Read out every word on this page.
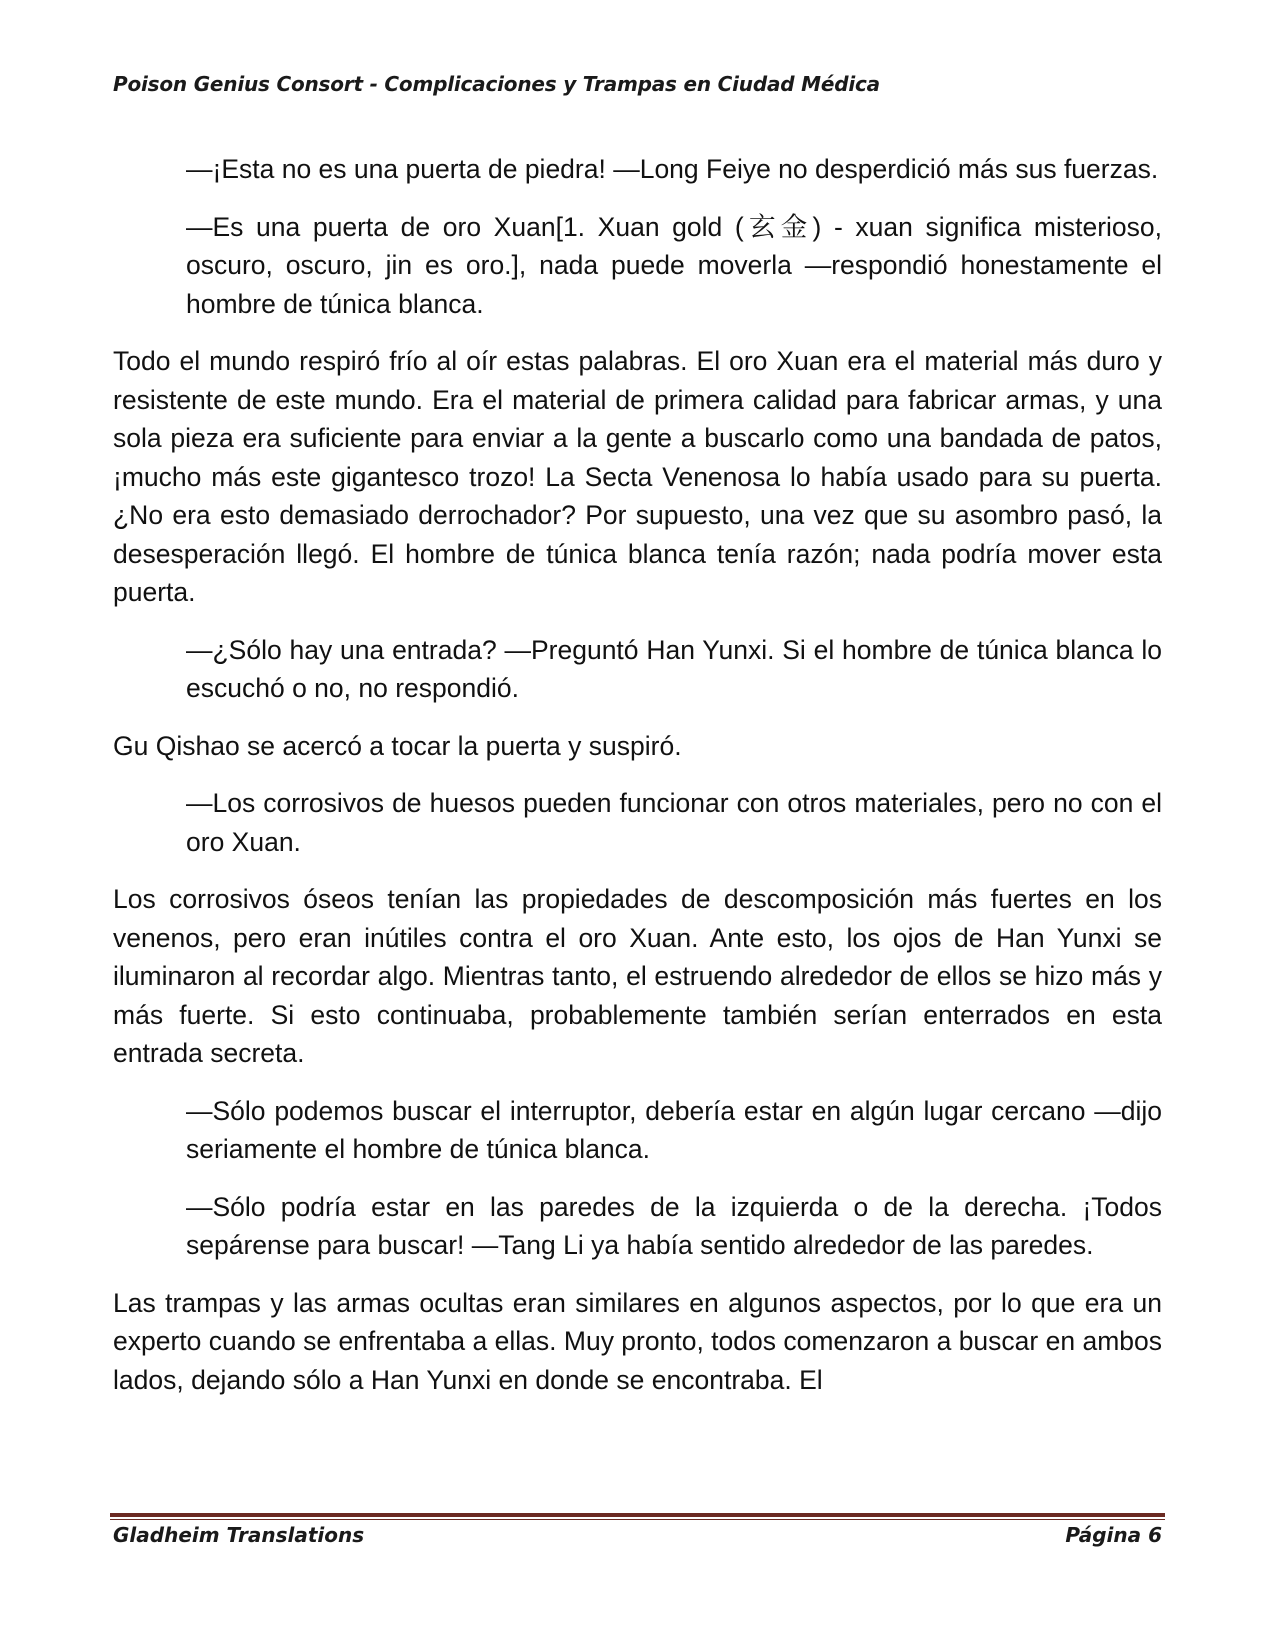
Poison Genius Consort - Complicaciones y Trampas en Ciudad Médica

—¡Esta no es una puerta de piedra! —Long Feiye no desperdició más sus fuerzas.

—Es una puerta de oro Xuan[1. Xuan gold (玄金) - xuan significa misterioso, oscuro, oscuro, jin es oro.], nada puede moverla —respondió honestamente el hombre de túnica blanca.

Todo el mundo respiró frío al oír estas palabras. El oro Xuan era el material más duro y resistente de este mundo. Era el material de primera calidad para fabricar armas, y una sola pieza era suficiente para enviar a la gente a buscarlo como una bandada de patos, ¡mucho más este gigantesco trozo! La Secta Venenosa lo había usado para su puerta. ¿No era esto demasiado derrochador? Por supuesto, una vez que su asombro pasó, la desesperación llegó. El hombre de túnica blanca tenía razón; nada podría mover esta puerta.

—¿Sólo hay una entrada? —Preguntó Han Yunxi. Si el hombre de túnica blanca lo escuchó o no, no respondió.

Gu Qishao se acercó a tocar la puerta y suspiró.

—Los corrosivos de huesos pueden funcionar con otros materiales, pero no con el oro Xuan.

Los corrosivos óseos tenían las propiedades de descomposición más fuertes en los venenos, pero eran inútiles contra el oro Xuan. Ante esto, los ojos de Han Yunxi se iluminaron al recordar algo. Mientras tanto, el estruendo alrededor de ellos se hizo más y más fuerte. Si esto continuaba, probablemente también serían enterrados en esta entrada secreta.

—Sólo podemos buscar el interruptor, debería estar en algún lugar cercano —dijo seriamente el hombre de túnica blanca.

—Sólo podría estar en las paredes de la izquierda o de la derecha. ¡Todos sepárense para buscar! —Tang Li ya había sentido alrededor de las paredes.

Las trampas y las armas ocultas eran similares en algunos aspectos, por lo que era un experto cuando se enfrentaba a ellas. Muy pronto, todos comenzaron a buscar en ambos lados, dejando sólo a Han Yunxi en donde se encontraba. El

Gladheim Translations	Página 6
